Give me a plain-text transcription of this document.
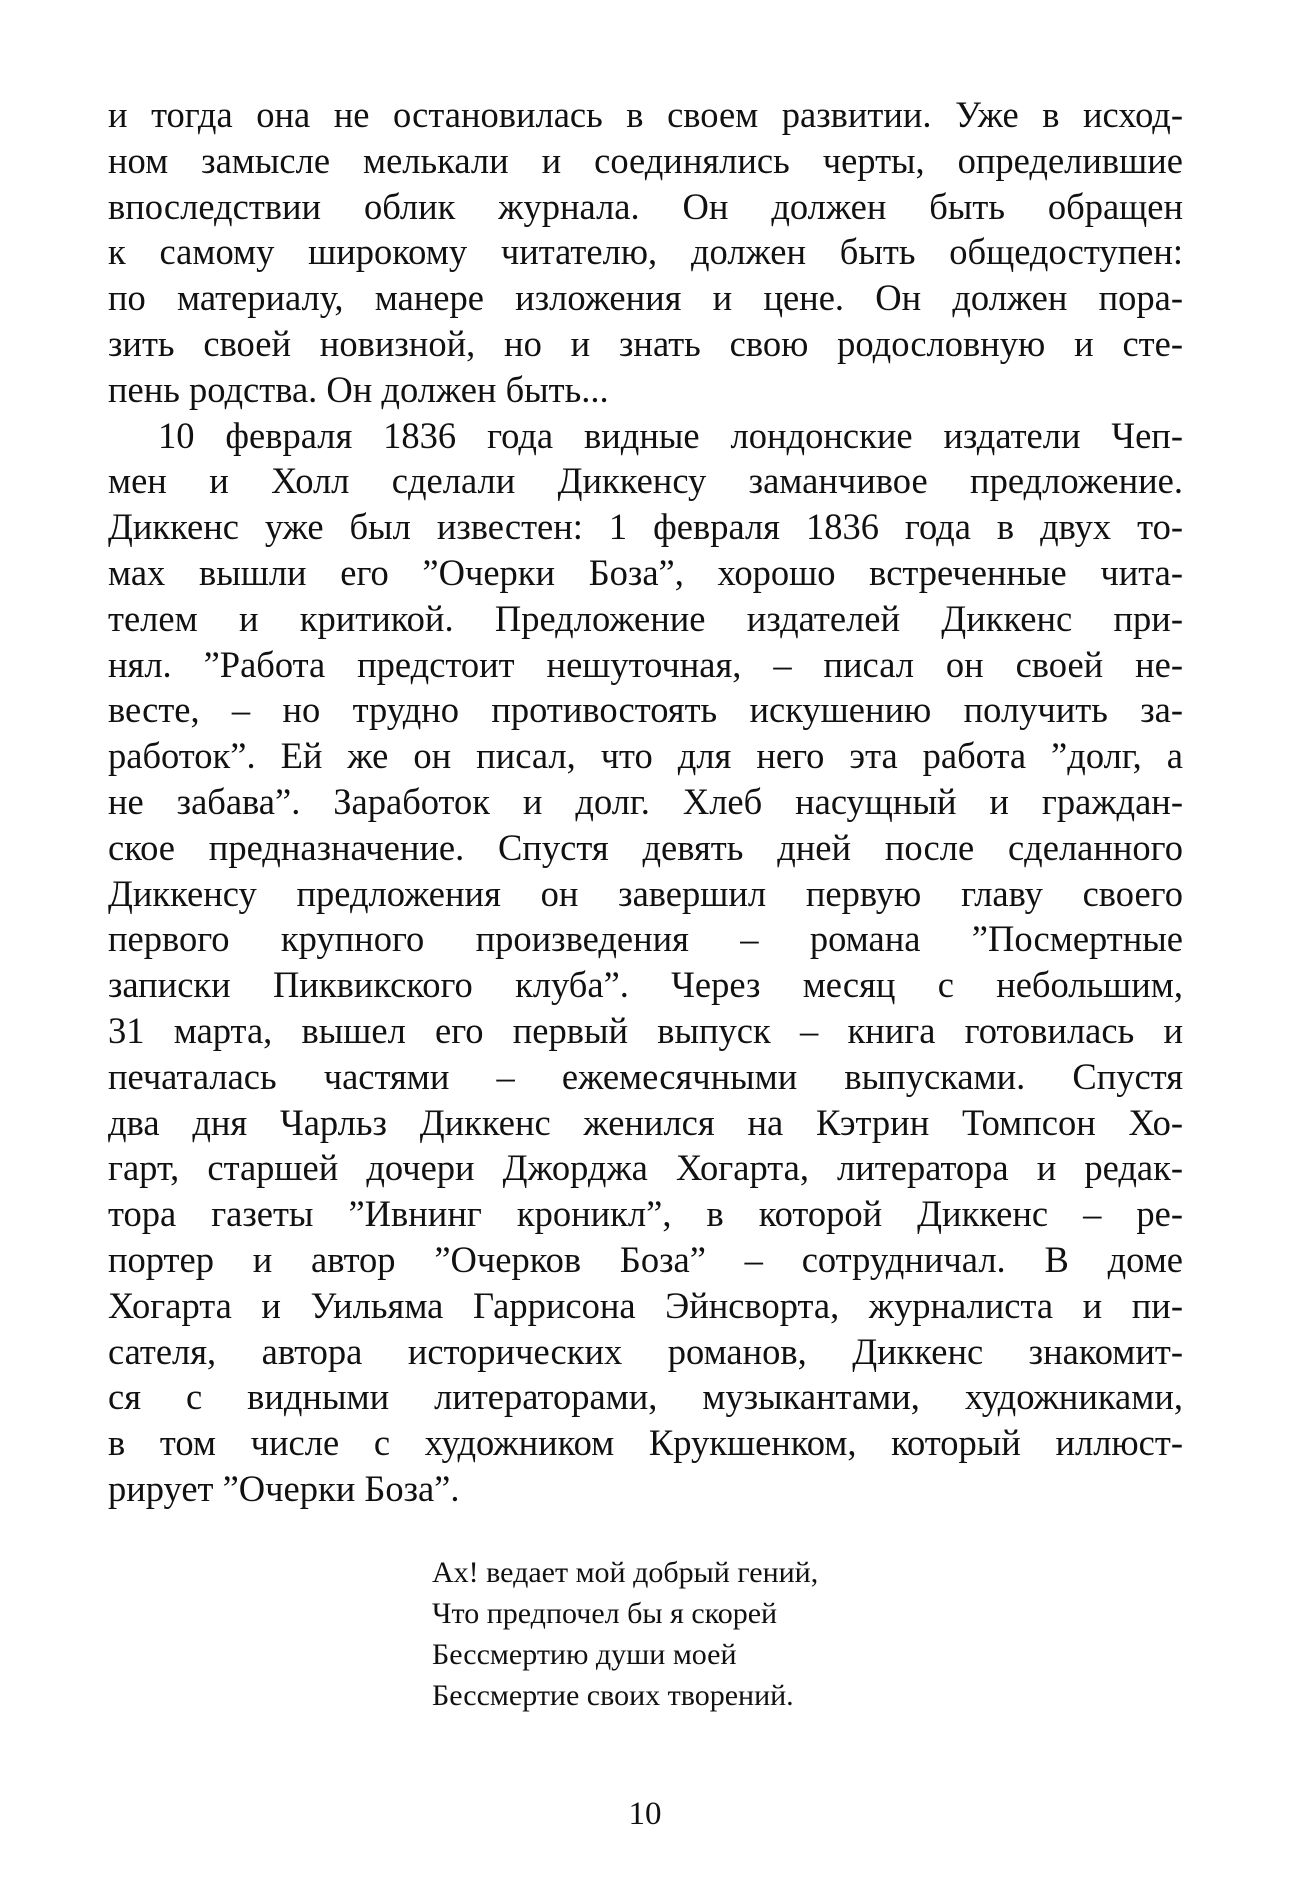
и тогда она не остановилась в своем развитии. Уже в исход-
ном замысле мелькали и соединялись черты, определившие
впоследствии облик журнала. Он должен быть обращен
к самому широкому читателю, должен быть общедоступен:
по материалу, манере изложения и цене. Он должен пора-
зить своей новизной, но и знать свою родословную и сте-
пень родства. Он должен быть...
10 февраля 1836 года видные лондонские издатели Чеп-
мен и Холл сделали Диккенсу заманчивое предложение.
Диккенс уже был известен: 1 февраля 1836 года в двух то-
мах вышли его ”Очерки Боза”, хорошо встреченные чита-
телем и критикой. Предложение издателей Диккенс при-
нял. ”Работа предстоит нешуточная, – писал он своей не-
весте, – но трудно противостоять искушению получить за-
работок”. Ей же он писал, что для него эта работа ”долг, а
не забава”. Заработок и долг. Хлеб насущный и граждан-
ское предназначение. Спустя девять дней после сделанного
Диккенсу предложения он завершил первую главу своего
первого крупного произведения – романа ”Посмертные
записки Пиквикского клуба”. Через месяц с небольшим,
31 марта, вышел его первый выпуск – книга готовилась и
печаталась частями – ежемесячными выпусками. Спустя
два дня Чарльз Диккенс женился на Кэтрин Томпсон Хо-
гарт, старшей дочери Джорджа Хогарта, литератора и редак-
тора газеты ”Ивнинг кроникл”, в которой Диккенс – ре-
портер и автор ”Очерков Боза” – сотрудничал. В доме
Хогарта и Уильяма Гаррисона Эйнсворта, журналиста и пи-
сателя, автора исторических романов, Диккенс знакомит-
ся с видными литераторами, музыкантами, художниками,
в том числе с художником Крукшенком, который иллюст-
рирует ”Очерки Боза”.
Ах! ведает мой добрый гений,
Что предпочел бы я скорей
Бессмертию души моей
Бессмертие своих творений.
10
